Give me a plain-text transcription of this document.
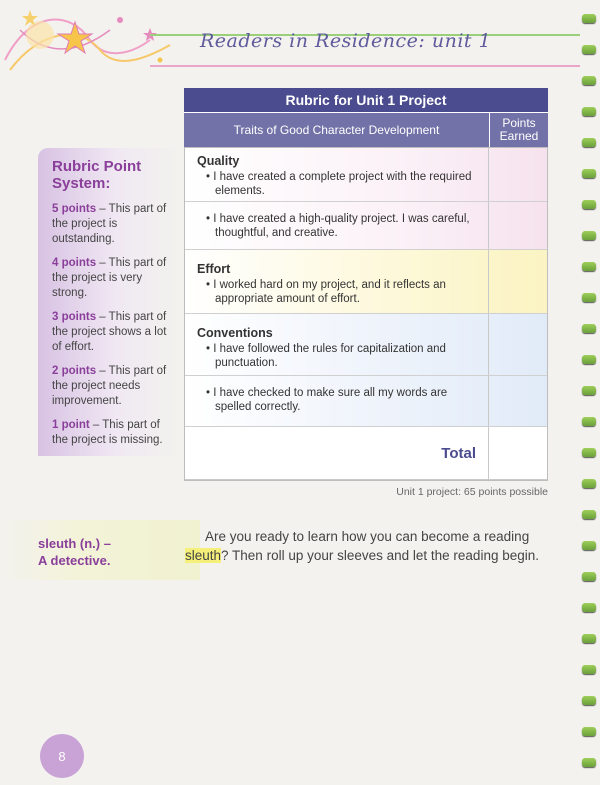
Readers in Residence: unit 1
Rubric Point System:
5 points – This part of the project is outstanding.
4 points – This part of the project is very strong.
3 points – This part of the project shows a lot of effort.
2 points – This part of the project needs improvement.
1 point – This part of the project is missing.
Rubric for Unit 1 Project
Traits of Good Character Development	Points Earned
Quality
• I have created a complete project with the required elements.
• I have created a high-quality project. I was careful, thoughtful, and creative.
Effort
• I worked hard on my project, and it reflects an appropriate amount of effort.
Conventions
• I have followed the rules for capitalization and punctuation.
• I have checked to make sure all my words are spelled correctly.
Total
Unit 1 project: 65 points possible
sleuth (n.) –
A detective.
Are you ready to learn how you can become a reading sleuth? Then roll up your sleeves and let the reading begin.
8
